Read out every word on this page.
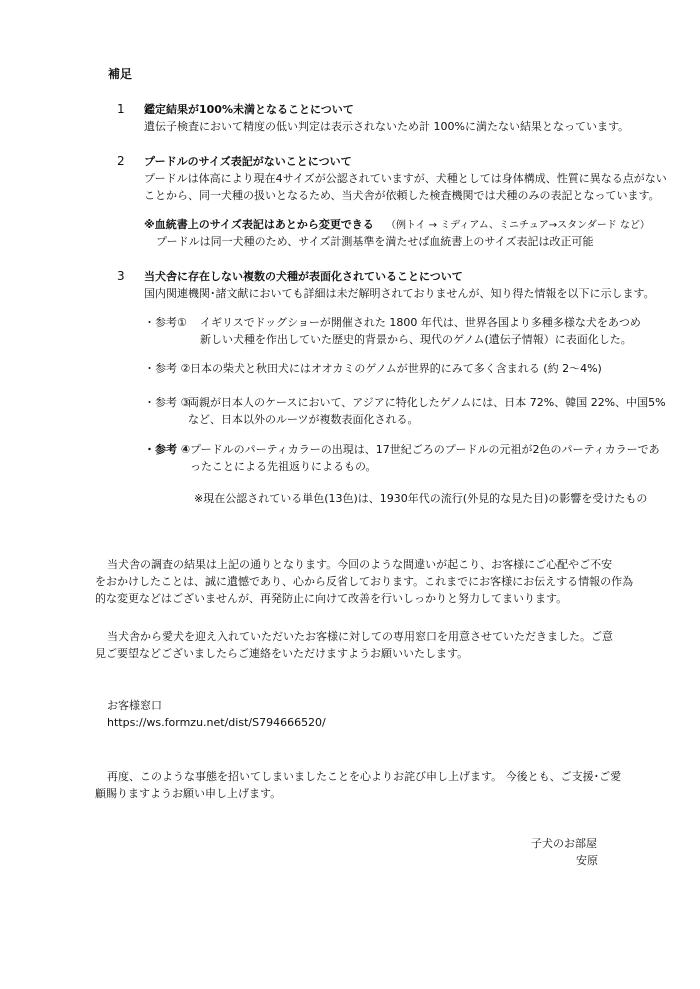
補足
1 鑑定結果が100%未満となることについて
遺伝子検査において精度の低い判定は表示されないため計 100%に満たない結果となっています。
2 プードルのサイズ表記がないことについて
プードルは体高により現在4サイズが公認されていますが、犬種としては身体構成、性質に異なる点がない
ことから、同一犬種の扱いとなるため、当犬舎が依頼した検査機関では犬種のみの表記となっています。
※血統書上のサイズ表記はあとから変更できる （例トイ → ミディアム、ミニチュア→スタンダード など）
プードルは同一犬種のため、サイズ計測基準を満たせば血統書上のサイズ表記は改正可能
3 当犬舎に存在しない複数の犬種が表面化されていることについて
国内関連機関･諸文献においても詳細は未だ解明されておりませんが、知り得た情報を以下に示します。
・参考① イギリスでドッグショーが開催された 1800 年代は、世界各国より多種多様な犬をあつめ
新しい犬種を作出していた歴史的背景から、現代のゲノム(遺伝子情報）に表面化した。
・参考 ② 日本の柴犬と秋田犬にはオオカミのゲノムが世界的にみて多く含まれる (約 2～4%)
・参考 ③
両親が日本人のケースにおいて、アジアに特化したゲノムには、日本 72%、韓国 22%、中国5%
など、日本以外のルーツが複数表面化される。
・参考 ④ プードルのパーティカラーの出現は、17世紀ごろのプードルの元祖が2色のパーティカラーであ
ったことによる先祖返りによるもの。
※現在公認されている単色(13色)は、1930年代の流行(外見的な見た目)の影響を受けたもの
当犬舎の調査の結果は上記の通りとなります。今回のような間違いが起こり、お客様にご心配やご不安
をおかけしたことは、誠に遺憾であり、心から反省しております。これまでにお客様にお伝えする情報の作為
的な変更などはございませんが、再発防止に向けて改善を行いしっかりと努力してまいります。
当犬舎から愛犬を迎え入れていただいたお客様に対しての専用窓口を用意させていただきました。ご意
見ご要望などございましたらご連絡をいただけますようお願いいたします。
お客様窓口
https://ws.formzu.net/dist/S794666520/
再度、このような事態を招いてしまいましたことを心よりお詫び申し上げます。 今後とも、ご支援･ご愛
顧賜りますようお願い申し上げます。
子犬のお部屋
安原
